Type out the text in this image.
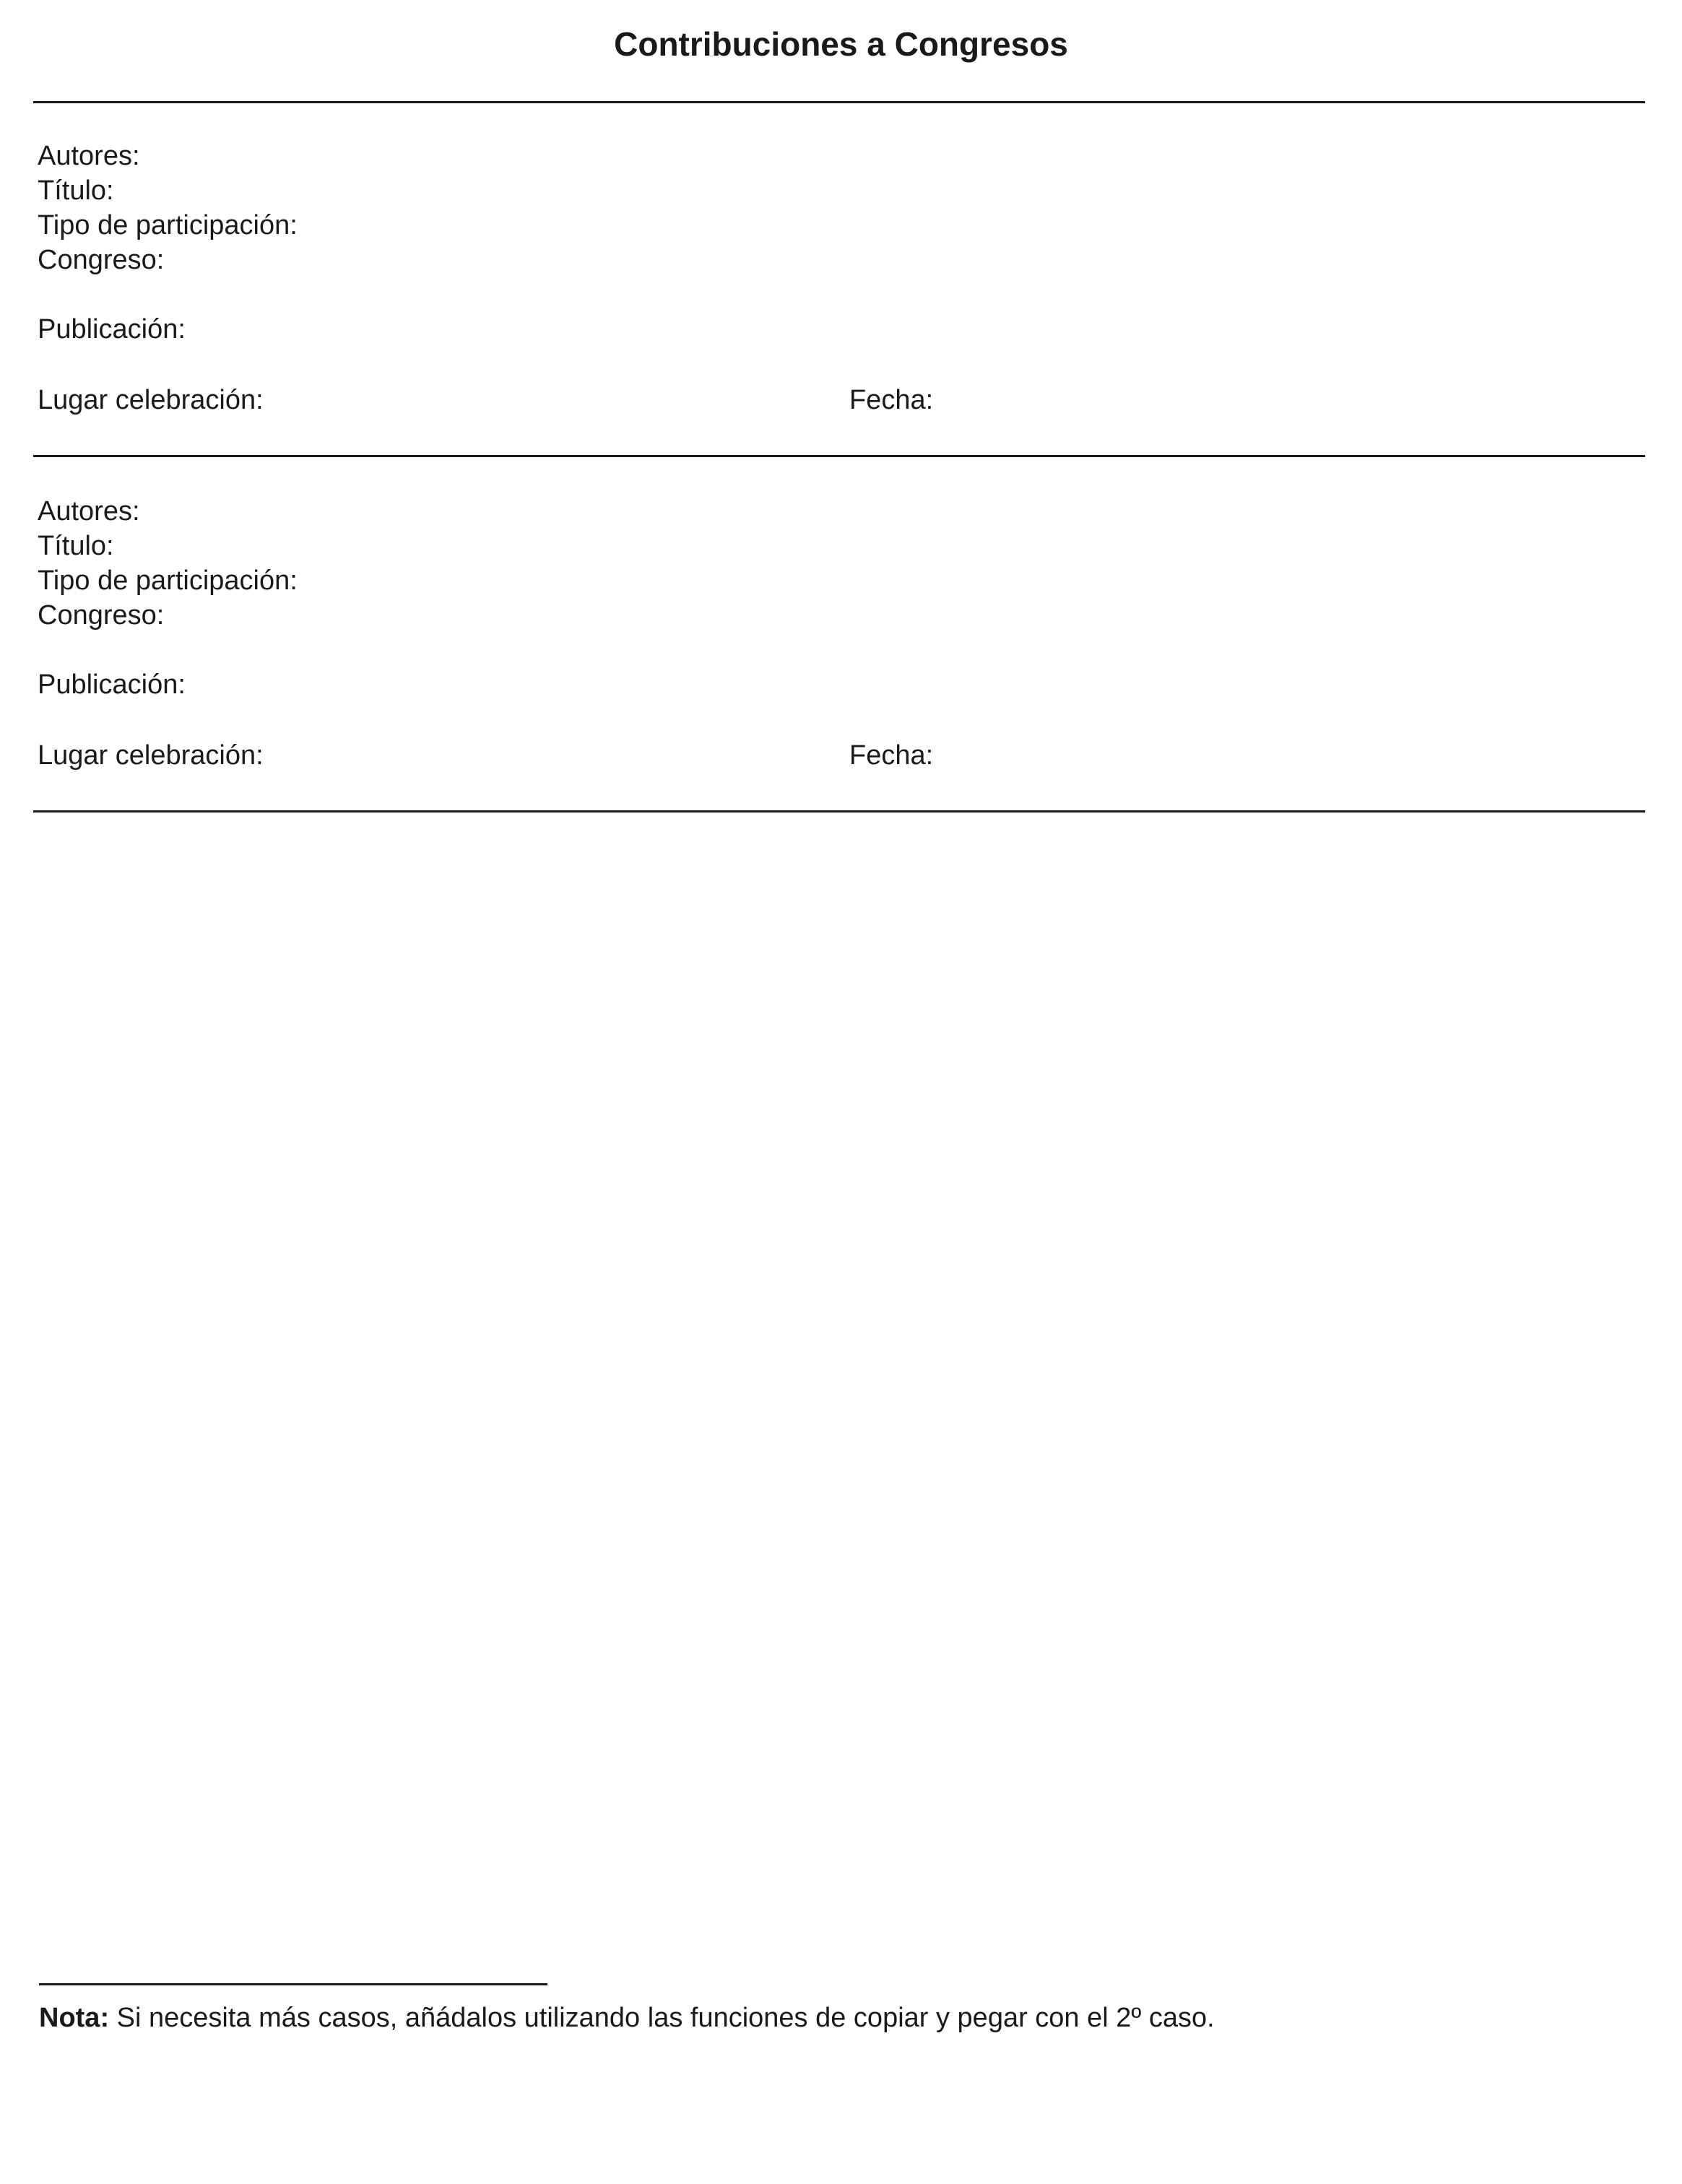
Contribuciones a Congresos
Autores:
Título:
Tipo de participación:
Congreso:
Publicación:
Lugar celebración:	Fecha:
Autores:
Título:
Tipo de participación:
Congreso:
Publicación:
Lugar celebración:	Fecha:
Nota: Si necesita más casos, añádalos utilizando las funciones de copiar y pegar con el 2º caso.
